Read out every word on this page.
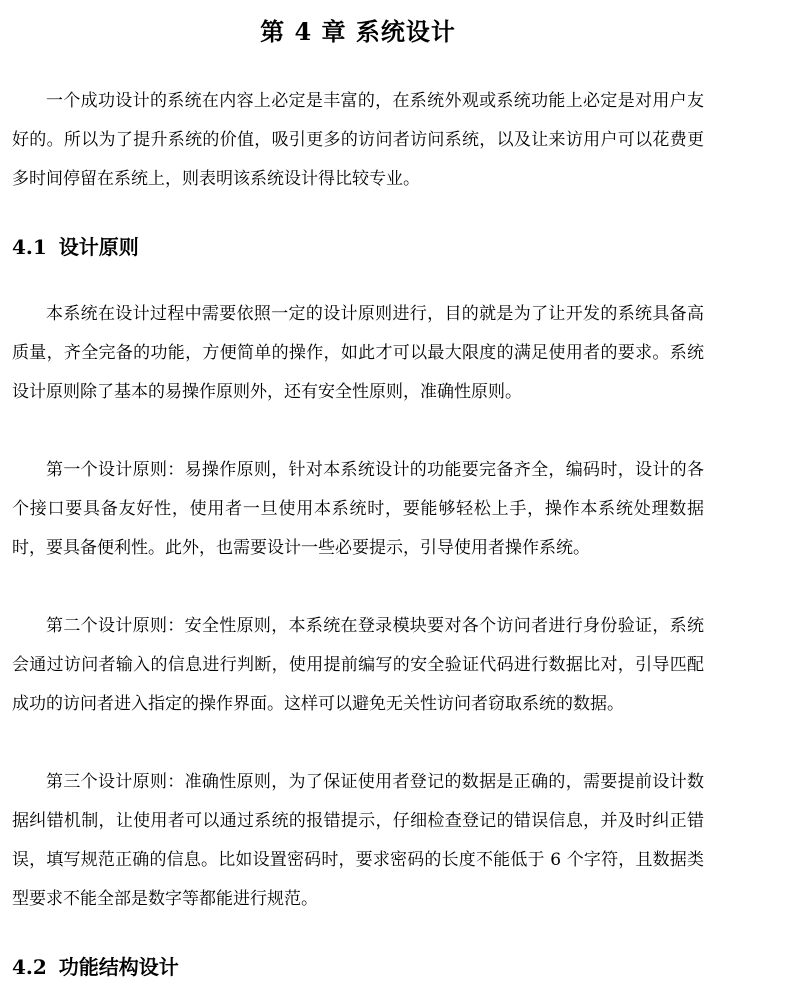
第 4 章 系统设计

一个成功设计的系统在内容上必定是丰富的，在系统外观或系统功能上必定是对用户友好的。所以为了提升系统的价值，吸引更多的访问者访问系统，以及让来访用户可以花费更多时间停留在系统上，则表明该系统设计得比较专业。

4.1 设计原则

本系统在设计过程中需要依照一定的设计原则进行，目的就是为了让开发的系统具备高质量，齐全完备的功能，方便简单的操作，如此才可以最大限度的满足使用者的要求。系统设计原则除了基本的易操作原则外，还有安全性原则，准确性原则。

第一个设计原则：易操作原则，针对本系统设计的功能要完备齐全，编码时，设计的各个接口要具备友好性，使用者一旦使用本系统时，要能够轻松上手，操作本系统处理数据时，要具备便利性。此外，也需要设计一些必要提示，引导使用者操作系统。

第二个设计原则：安全性原则，本系统在登录模块要对各个访问者进行身份验证，系统会通过访问者输入的信息进行判断，使用提前编写的安全验证代码进行数据比对，引导匹配成功的访问者进入指定的操作界面。这样可以避免无关性访问者窃取系统的数据。

第三个设计原则：准确性原则，为了保证使用者登记的数据是正确的，需要提前设计数据纠错机制，让使用者可以通过系统的报错提示，仔细检查登记的错误信息，并及时纠正错误，填写规范正确的信息。比如设置密码时，要求密码的长度不能低于 6 个字符，且数据类型要求不能全部是数字等都能进行规范。

4.2 功能结构设计
